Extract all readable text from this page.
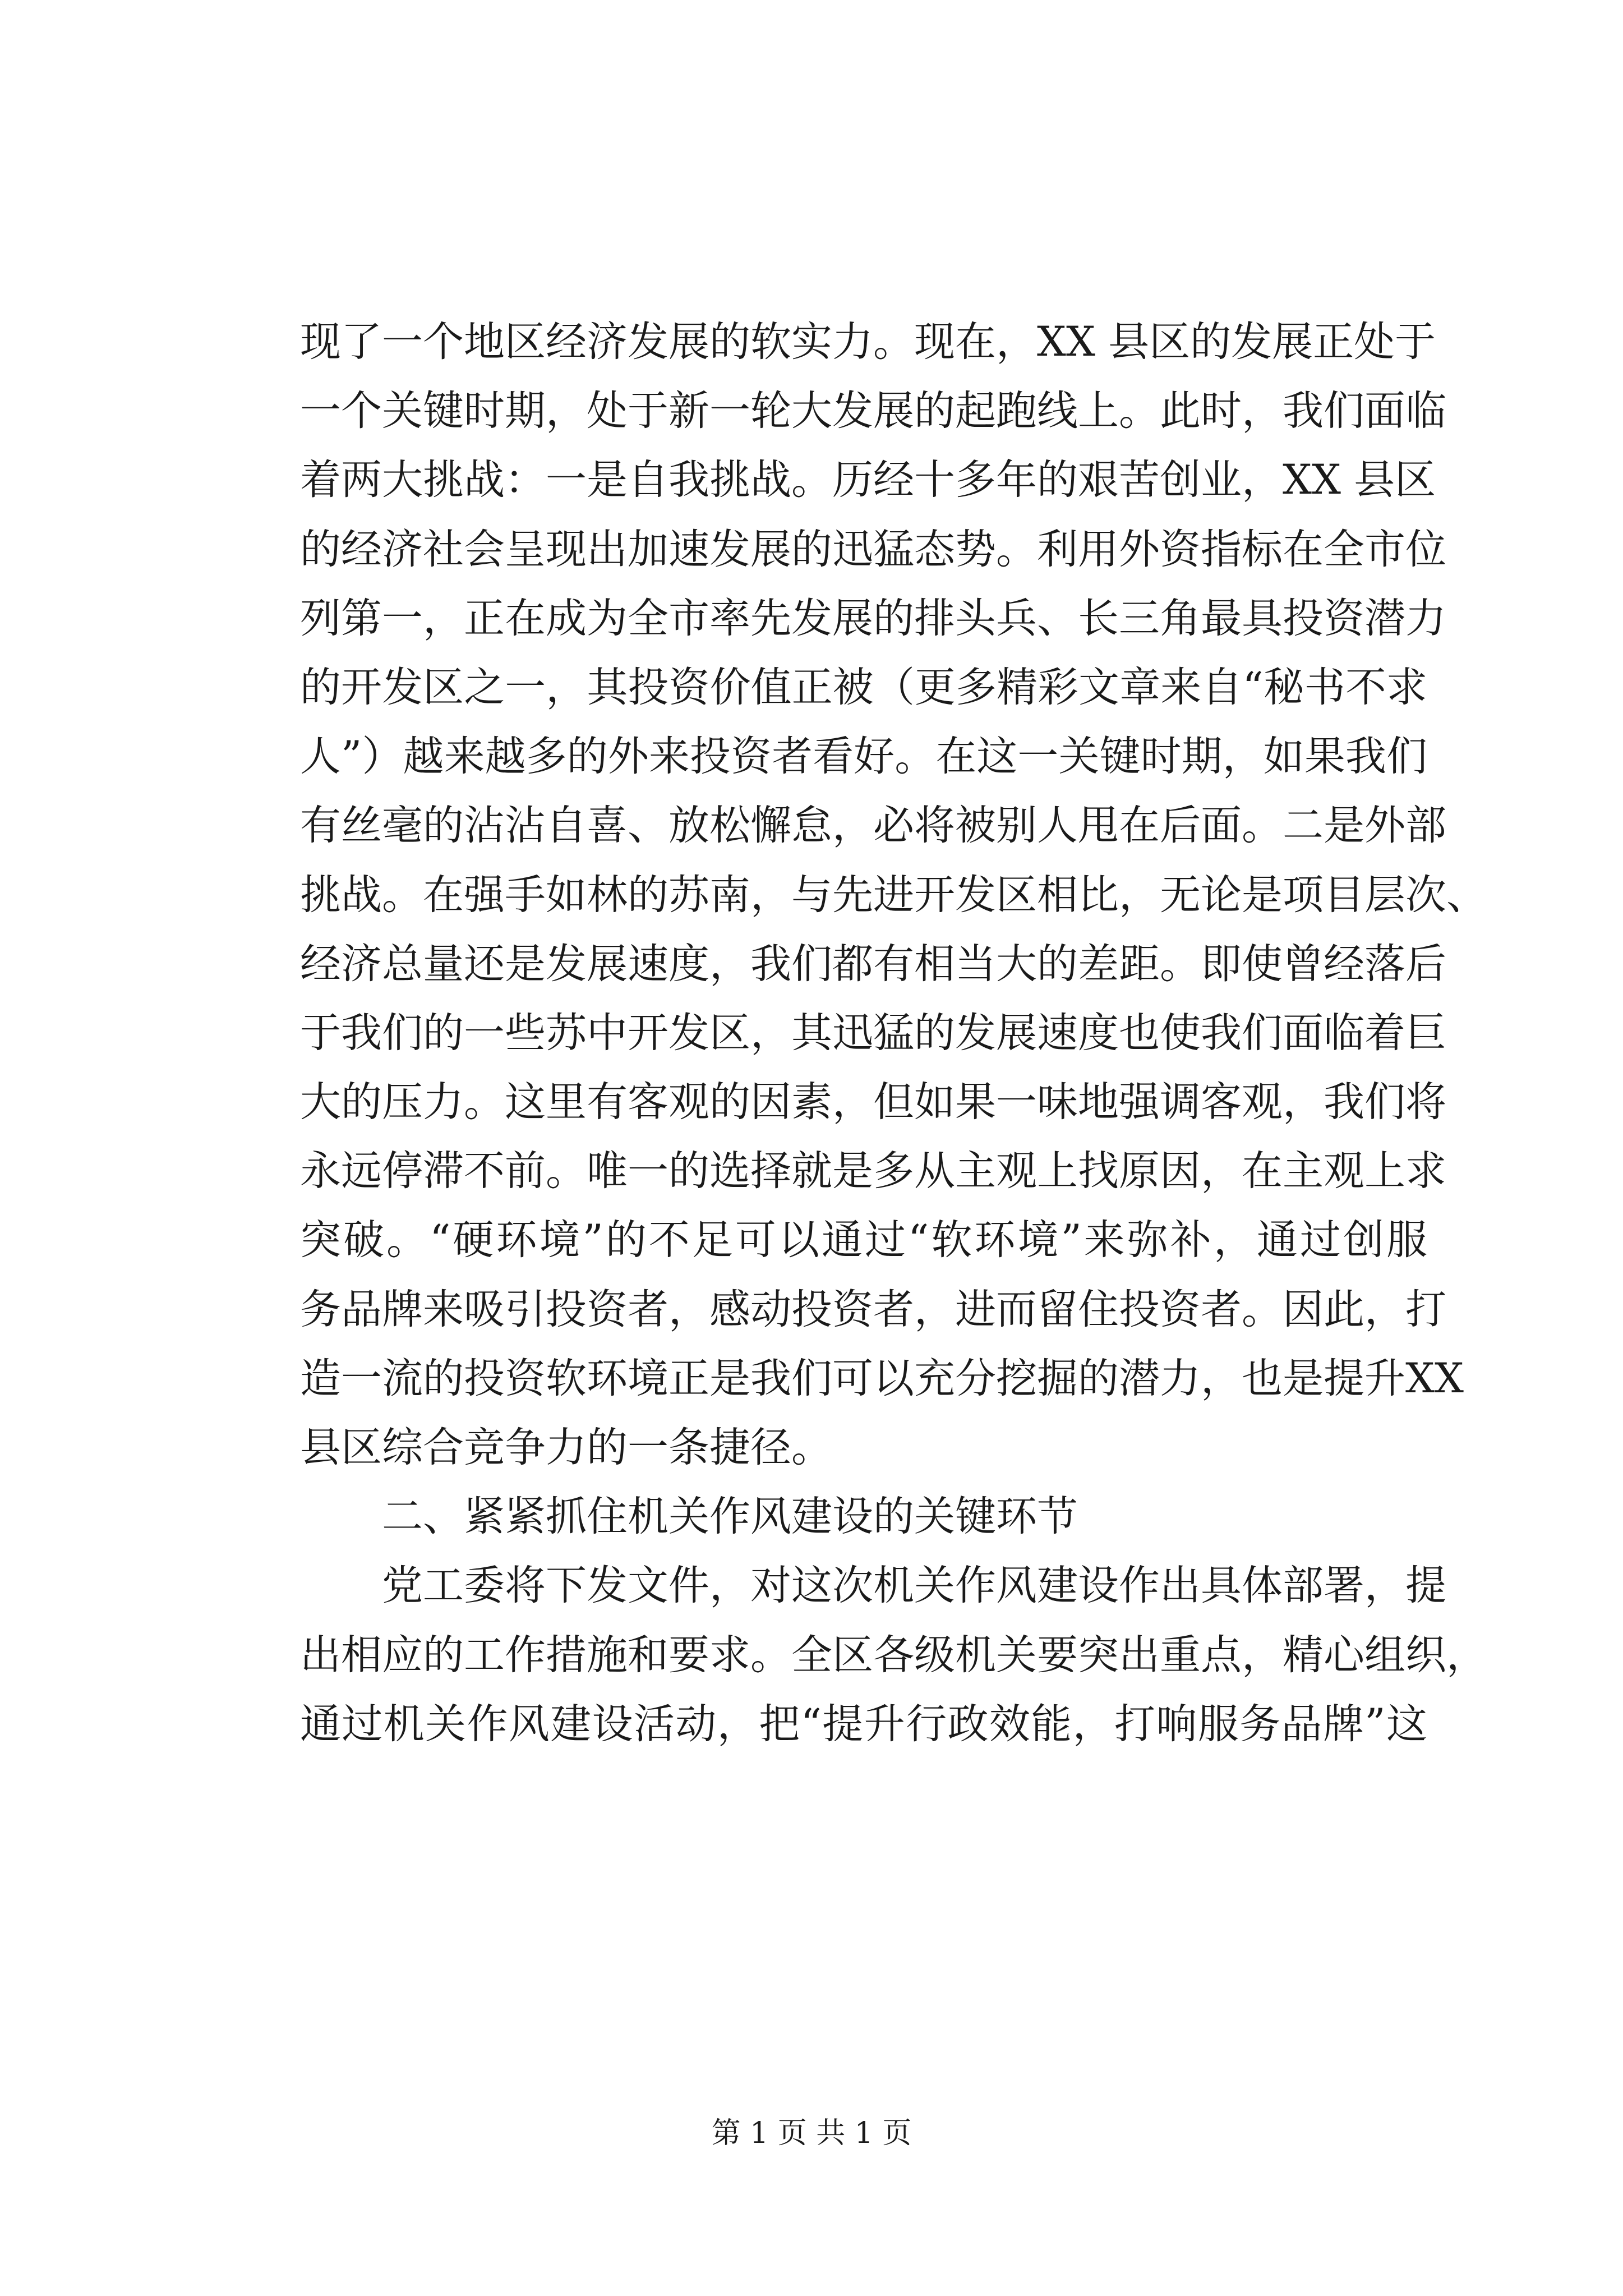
现了一个地区经济发展的软实力。现在，XX 县区的发展正处于
一个关键时期，处于新一轮大发展的起跑线上。此时，我们面临
着两大挑战：一是自我挑战。历经十多年的艰苦创业，XX 县区
的经济社会呈现出加速发展的迅猛态势。利用外资指标在全市位
列第一，正在成为全市率先发展的排头兵、长三角最具投资潜力
的开发区之一，其投资价值正被（更多精彩文章来自“秘书不求
人”）越来越多的外来投资者看好。在这一关键时期，如果我们
有丝毫的沾沾自喜、放松懈怠，必将被别人甩在后面。二是外部
挑战。在强手如林的苏南，与先进开发区相比，无论是项目层次、
经济总量还是发展速度，我们都有相当大的差距。即使曾经落后
于我们的一些苏中开发区，其迅猛的发展速度也使我们面临着巨
大的压力。这里有客观的因素，但如果一味地强调客观，我们将
永远停滞不前。唯一的选择就是多从主观上找原因，在主观上求
突破。“硬环境”的不足可以通过“软环境”来弥补，通过创服
务品牌来吸引投资者，感动投资者，进而留住投资者。因此，打
造一流的投资软环境正是我们可以充分挖掘的潜力，也是提升XX
县区综合竞争力的一条捷径。
二、紧紧抓住机关作风建设的关键环节
党工委将下发文件，对这次机关作风建设作出具体部署，提
出相应的工作措施和要求。全区各级机关要突出重点，精心组织，
通过机关作风建设活动，把“提升行政效能，打响服务品牌”这
第 1 页 共 1 页
